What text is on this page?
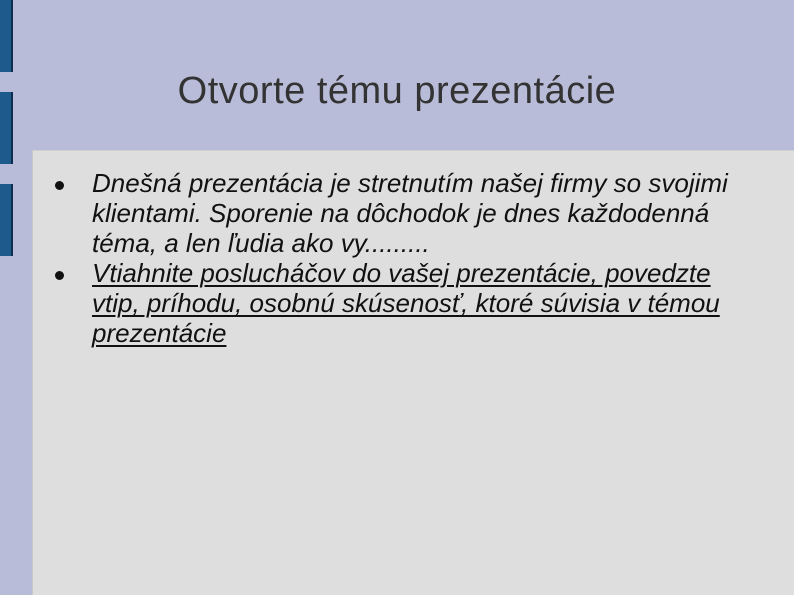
Otvorte tému prezentácie
Dnešná prezentácia je stretnutím našej firmy so svojimi klientami. Sporenie na dôchodok je dnes každodenná téma, a len ľudia ako vy.........
Vtiahnite poslucháčov do vašej prezentácie, povedzte vtip, príhodu, osobnú skúsenosť, ktoré súvisia v témou prezentácie
